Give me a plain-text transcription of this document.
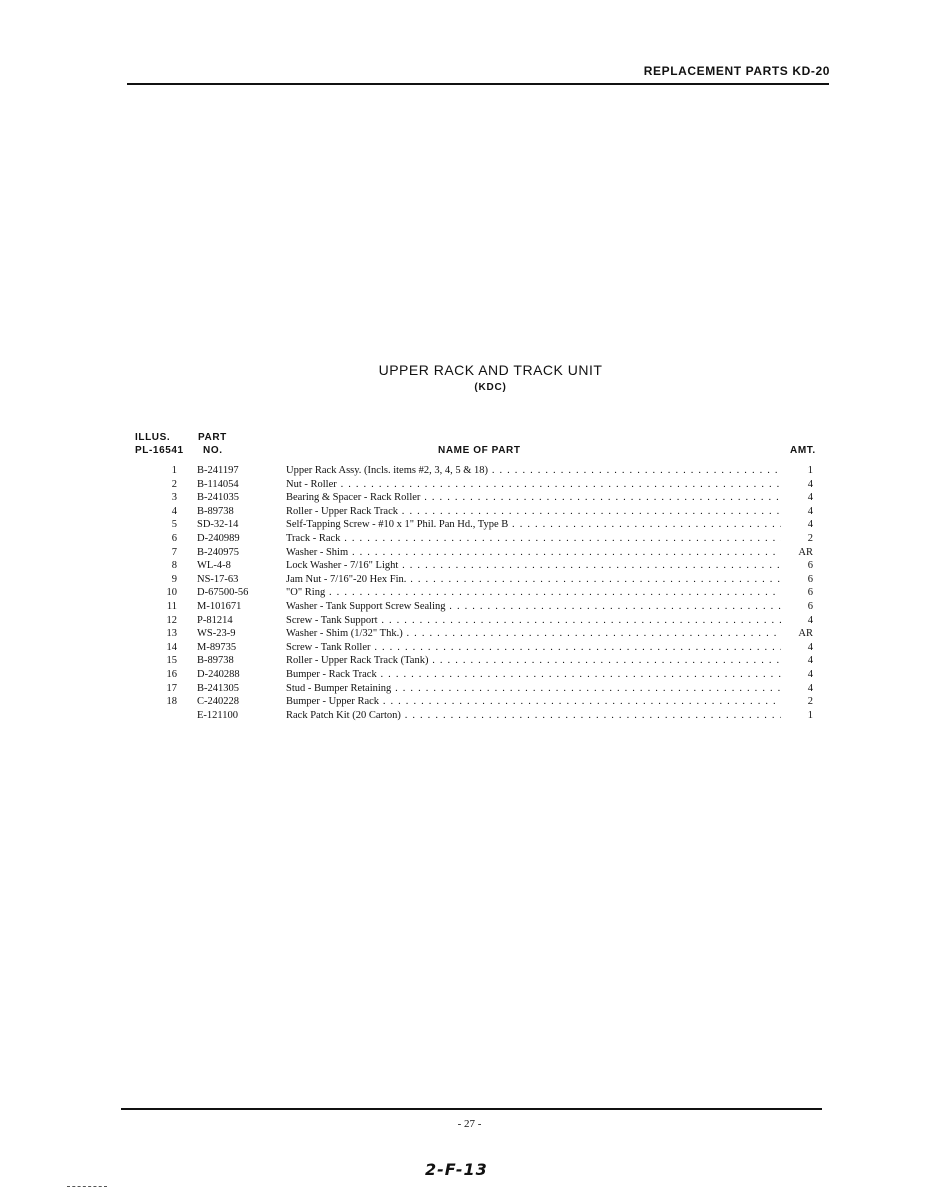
REPLACEMENT PARTS KD-20
UPPER RACK AND TRACK UNIT
(KDC)
ILLUS.
PL-16541
PART
NO.	NAME OF PART	AMT.
1 B-241197	Upper Rack Assy. (Incls. items #2, 3, 4, 5 & 18) . . .	1
2 B-114054	Nut - Roller . . .	4
3 B-241035	Bearing & Spacer - Rack Roller . . .	4
4 B-89738	Roller - Upper Rack Track . . .	4
5 SD-32-14	Self-Tapping Screw - #10 x 1" Phil. Pan Hd., Type B . . .	4
6 D-240989	Track - Rack . . .	2
7 B-240975	Washer - Shim . . .	AR
8 WL-4-8	Lock Washer - 7/16" Light . . .	6
9 NS-17-63	Jam Nut - 7/16"-20 Hex Fin. . . .	6
10 D-67500-56	"O" Ring . . .	6
11 M-101671	Washer - Tank Support Screw Sealing . . .	6
12 P-81214	Screw - Tank Support . . .	4
13 WS-23-9	Washer - Shim (1/32" Thk.) . . .	AR
14 M-89735	Screw - Tank Roller . . .	4
15 B-89738	Roller - Upper Rack Track (Tank) . . .	4
16 D-240288	Bumper - Rack Track . . .	4
17 B-241305	Stud - Bumper Retaining . . .	4
18 C-240228	Bumper - Upper Rack . . .	2
E-121100	Rack Patch Kit (20 Carton) . . .	1
- 27 -
2-F-13
